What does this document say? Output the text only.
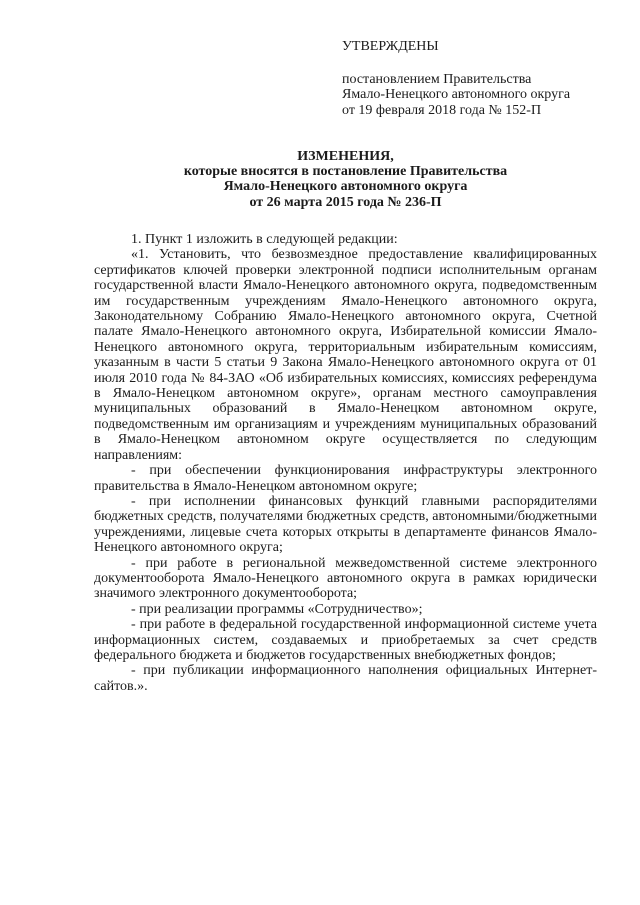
УТВЕРЖДЕНЫ
постановлением Правительства
Ямало-Ненецкого автономного округа
от 19 февраля 2018 года № 152-П
ИЗМЕНЕНИЯ,
которые вносятся в постановление Правительства
Ямало-Ненецкого автономного округа
от 26 марта 2015 года № 236-П

1. Пункт 1 изложить в следующей редакции:

«1. Установить, что безвозмездное предоставление квалифицированных сертификатов ключей проверки электронной подписи исполнительным органам государственной власти Ямало-Ненецкого автономного округа, подведомственным им государственным учреждениям Ямало-Ненецкого автономного округа, Законодательному Собранию Ямало-Ненецкого автономного округа, Счетной палате Ямало-Ненецкого автономного округа, Избирательной комиссии Ямало-Ненецкого автономного округа, территориальным избирательным комиссиям, указанным в части 5 статьи 9 Закона Ямало-Ненецкого автономного округа от 01 июля 2010 года № 84-ЗАО «Об избирательных комиссиях, комиссиях референдума в Ямало-Ненецком автономном округе», органам местного самоуправления муниципальных образований в Ямало-Ненецком автономном округе, подведомственным им организациям и учреждениям муниципальных образований в Ямало-Ненецком автономном округе осуществляется по следующим направлениям:

- при обеспечении функционирования инфраструктуры электронного правительства в Ямало-Ненецком автономном округе;

- при исполнении финансовых функций главными распорядителями бюджетных средств, получателями бюджетных средств, автономными/бюджетными учреждениями, лицевые счета которых открыты в департаменте финансов Ямало-Ненецкого автономного округа;

- при работе в региональной межведомственной системе электронного документооборота Ямало-Ненецкого автономного округа в рамках юридически значимого электронного документооборота;

- при реализации программы «Сотрудничество»;

- при работе в федеральной государственной информационной системе учета информационных систем, создаваемых и приобретаемых за счет средств федерального бюджета и бюджетов государственных внебюджетных фондов;

- при публикации информационного наполнения официальных Интернет-сайтов.».
